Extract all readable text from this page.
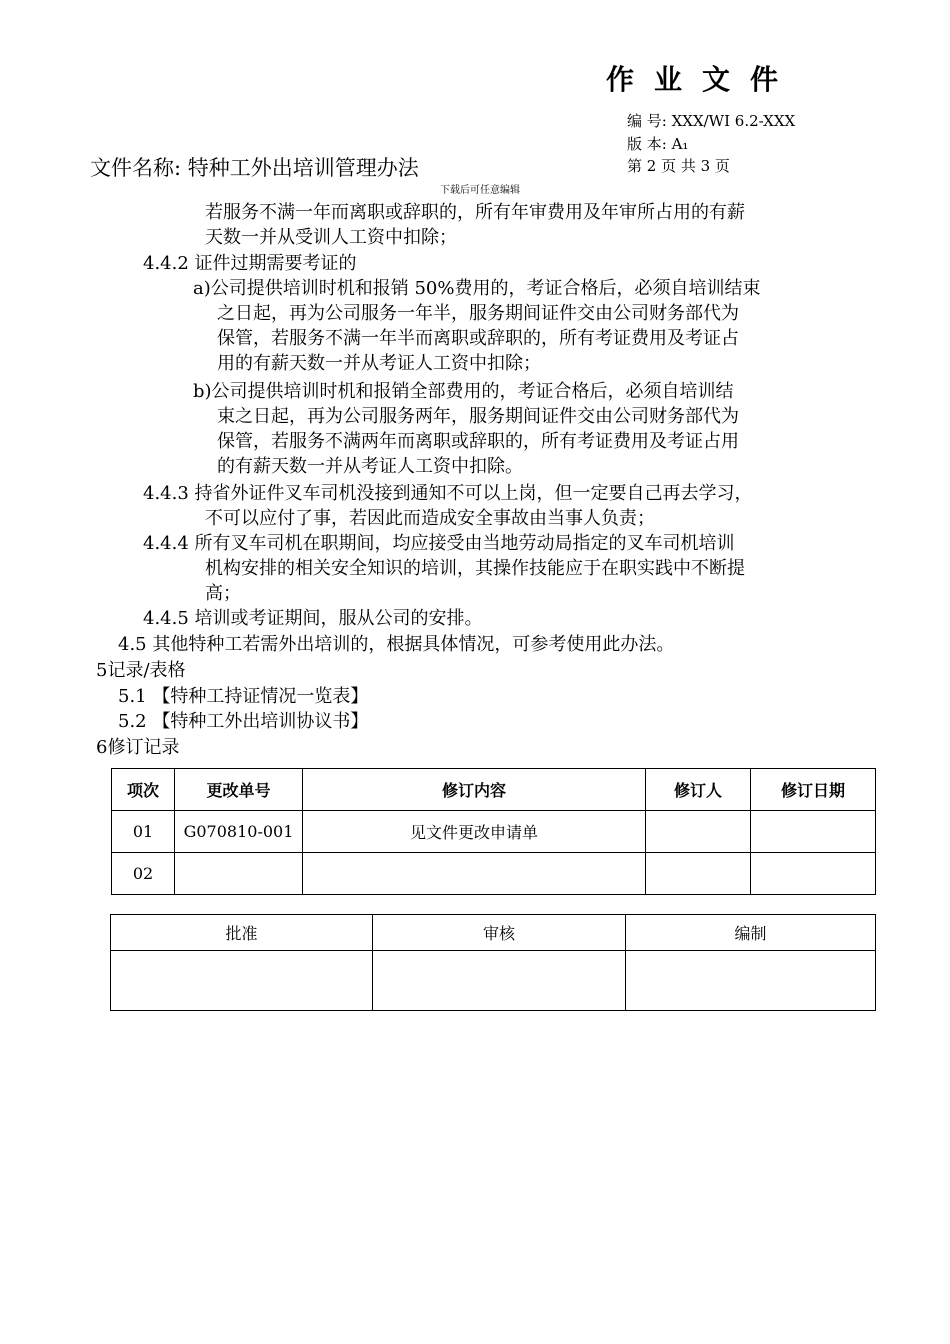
作业文件
编 号: XXX/WI 6.2-XXX
版 本: A₁
第 2 页 共 3 页
文件名称: 特种工外出培训管理办法
下载后可任意编辑
若服务不满一年而离职或辞职的，所有年审费用及年审所占用的有薪
天数一并从受训人工资中扣除；
4.4.2 证件过期需要考证的
a)公司提供培训时机和报销 50%费用的，考证合格后，必须自培训结束
之日起，再为公司服务一年半，服务期间证件交由公司财务部代为
保管，若服务不满一年半而离职或辞职的，所有考证费用及考证占
用的有薪天数一并从考证人工资中扣除；
b)公司提供培训时机和报销全部费用的，考证合格后，必须自培训结
束之日起，再为公司服务两年，服务期间证件交由公司财务部代为
保管，若服务不满两年而离职或辞职的，所有考证费用及考证占用
的有薪天数一并从考证人工资中扣除。
4.4.3 持省外证件叉车司机没接到通知不可以上岗，但一定要自己再去学习，
不可以应付了事，若因此而造成安全事故由当事人负责；
4.4.4 所有叉车司机在职期间，均应接受由当地劳动局指定的叉车司机培训
机构安排的相关安全知识的培训，其操作技能应于在职实践中不断提
高；
4.4.5 培训或考证期间，服从公司的安排。
4.5 其他特种工若需外出培训的，根据具体情况，可参考使用此办法。
5记录/表格
5.1 【特种工持证情况一览表】
5.2 【特种工外出培训协议书】
6修订记录
项次	更改单号	修订内容	修订人	修订日期
01	G070810-001	见文件更改申请单		
02				
批准	审核	编制
